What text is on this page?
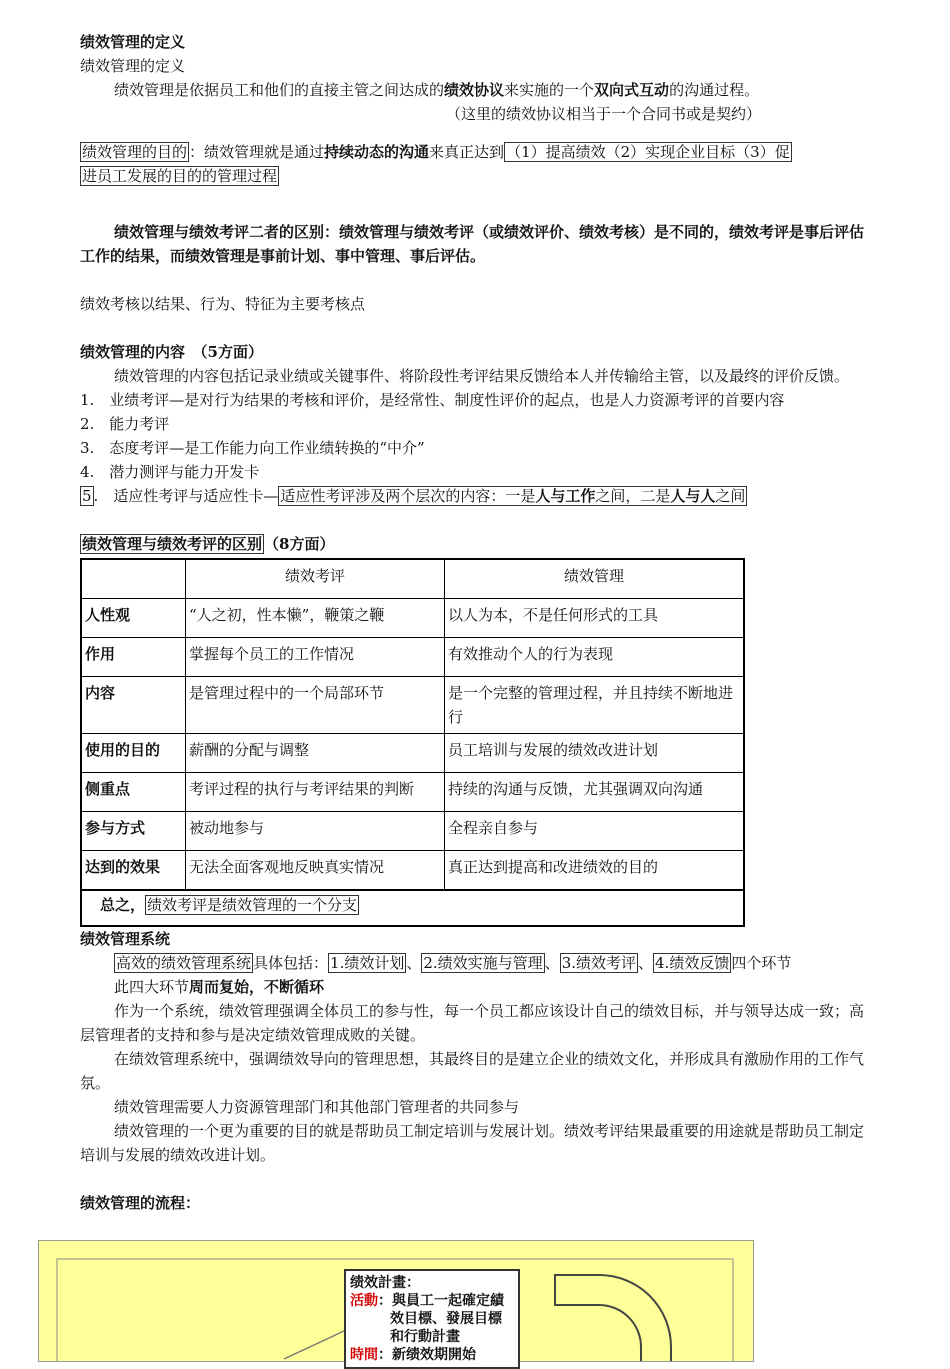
绩效管理的定义
绩效管理的定义
绩效管理是依据员工和他们的直接主管之间达成的绩效协议来实施的一个双向式互动的沟通过程。
（这里的绩效协议相当于一个合同书或是契约）
绩效管理的目的 ：绩效管理就是通过持续动态的沟通来真正达到 （1）提高绩效（2）实现企业目标（3）促
进员工发展的目的的管理过程
绩效管理与绩效考评二者的区别：绩效管理与绩效考评（或绩效评价、绩效考核）是不同的，绩效考评是事后评估工作的结果，而绩效管理是事前计划、事中管理、事后评估。
绩效考核以结果、行为、特征为主要考核点
绩效管理的内容　（5方面）
绩效管理的内容包括记录业绩或关键事件、将阶段性考评结果反馈给本人并传输给主管，以及最终的评价反馈。
1.　业绩考评—是对行为结果的考核和评价，是经常性、制度性评价的起点，也是人力资源考评的首要内容
2.　能力考评
3.　态度考评—是工作能力向工作业绩转换的“中介”
4.　潜力测评与能力开发卡
5 .　适应性考评与适应性卡— 适应性考评涉及两个层次的内容：一是人与工作之间，二是人与人之间
绩效管理与绩效考评的区别 （8方面）
	绩效考评	绩效管理
人性观	“人之初，性本懒”，鞭策之鞭	以人为本，不是任何形式的工具
作用	掌握每个员工的工作情况	有效推动个人的行为表现
内容	是管理过程中的一个局部环节	是一个完整的管理过程，并且持续不断地进行
使用的目的	薪酬的分配与调整	员工培训与发展的绩效改进计划
侧重点	考评过程的执行与考评结果的判断	持续的沟通与反馈，尤其强调双向沟通
参与方式	被动地参与	全程亲自参与
达到的效果	无法全面客观地反映真实情况	真正达到提高和改进绩效的目的
总之， 绩效考评是绩效管理的一个分支		
绩效管理系统
高效的绩效管理系统 具体包括： 1.绩效计划 、 2.绩效实施与管理 、 3.绩效考评 、 4.绩效反馈 四个环节
此四大环节周而复始，不断循环
作为一个系统，绩效管理强调全体员工的参与性，每一个员工都应该设计自己的绩效目标，并与领导达成一致；高层管理者的支持和参与是决定绩效管理成败的关键。
在绩效管理系统中，强调绩效导向的管理思想，其最终目的是建立企业的绩效文化，并形成具有激励作用的工作气氛。
绩效管理需要人力资源管理部门和其他部门管理者的共同参与
绩效管理的一个更为重要的目的就是帮助员工制定培训与发展计划。绩效考评结果最重要的用途就是帮助员工制定培训与发展的绩效改进计划。
绩效管理的流程：
绩效計畫：
活動：與員工一起確定績
效目標、發展目標
和行動計畫
時間：新绩效期開始
